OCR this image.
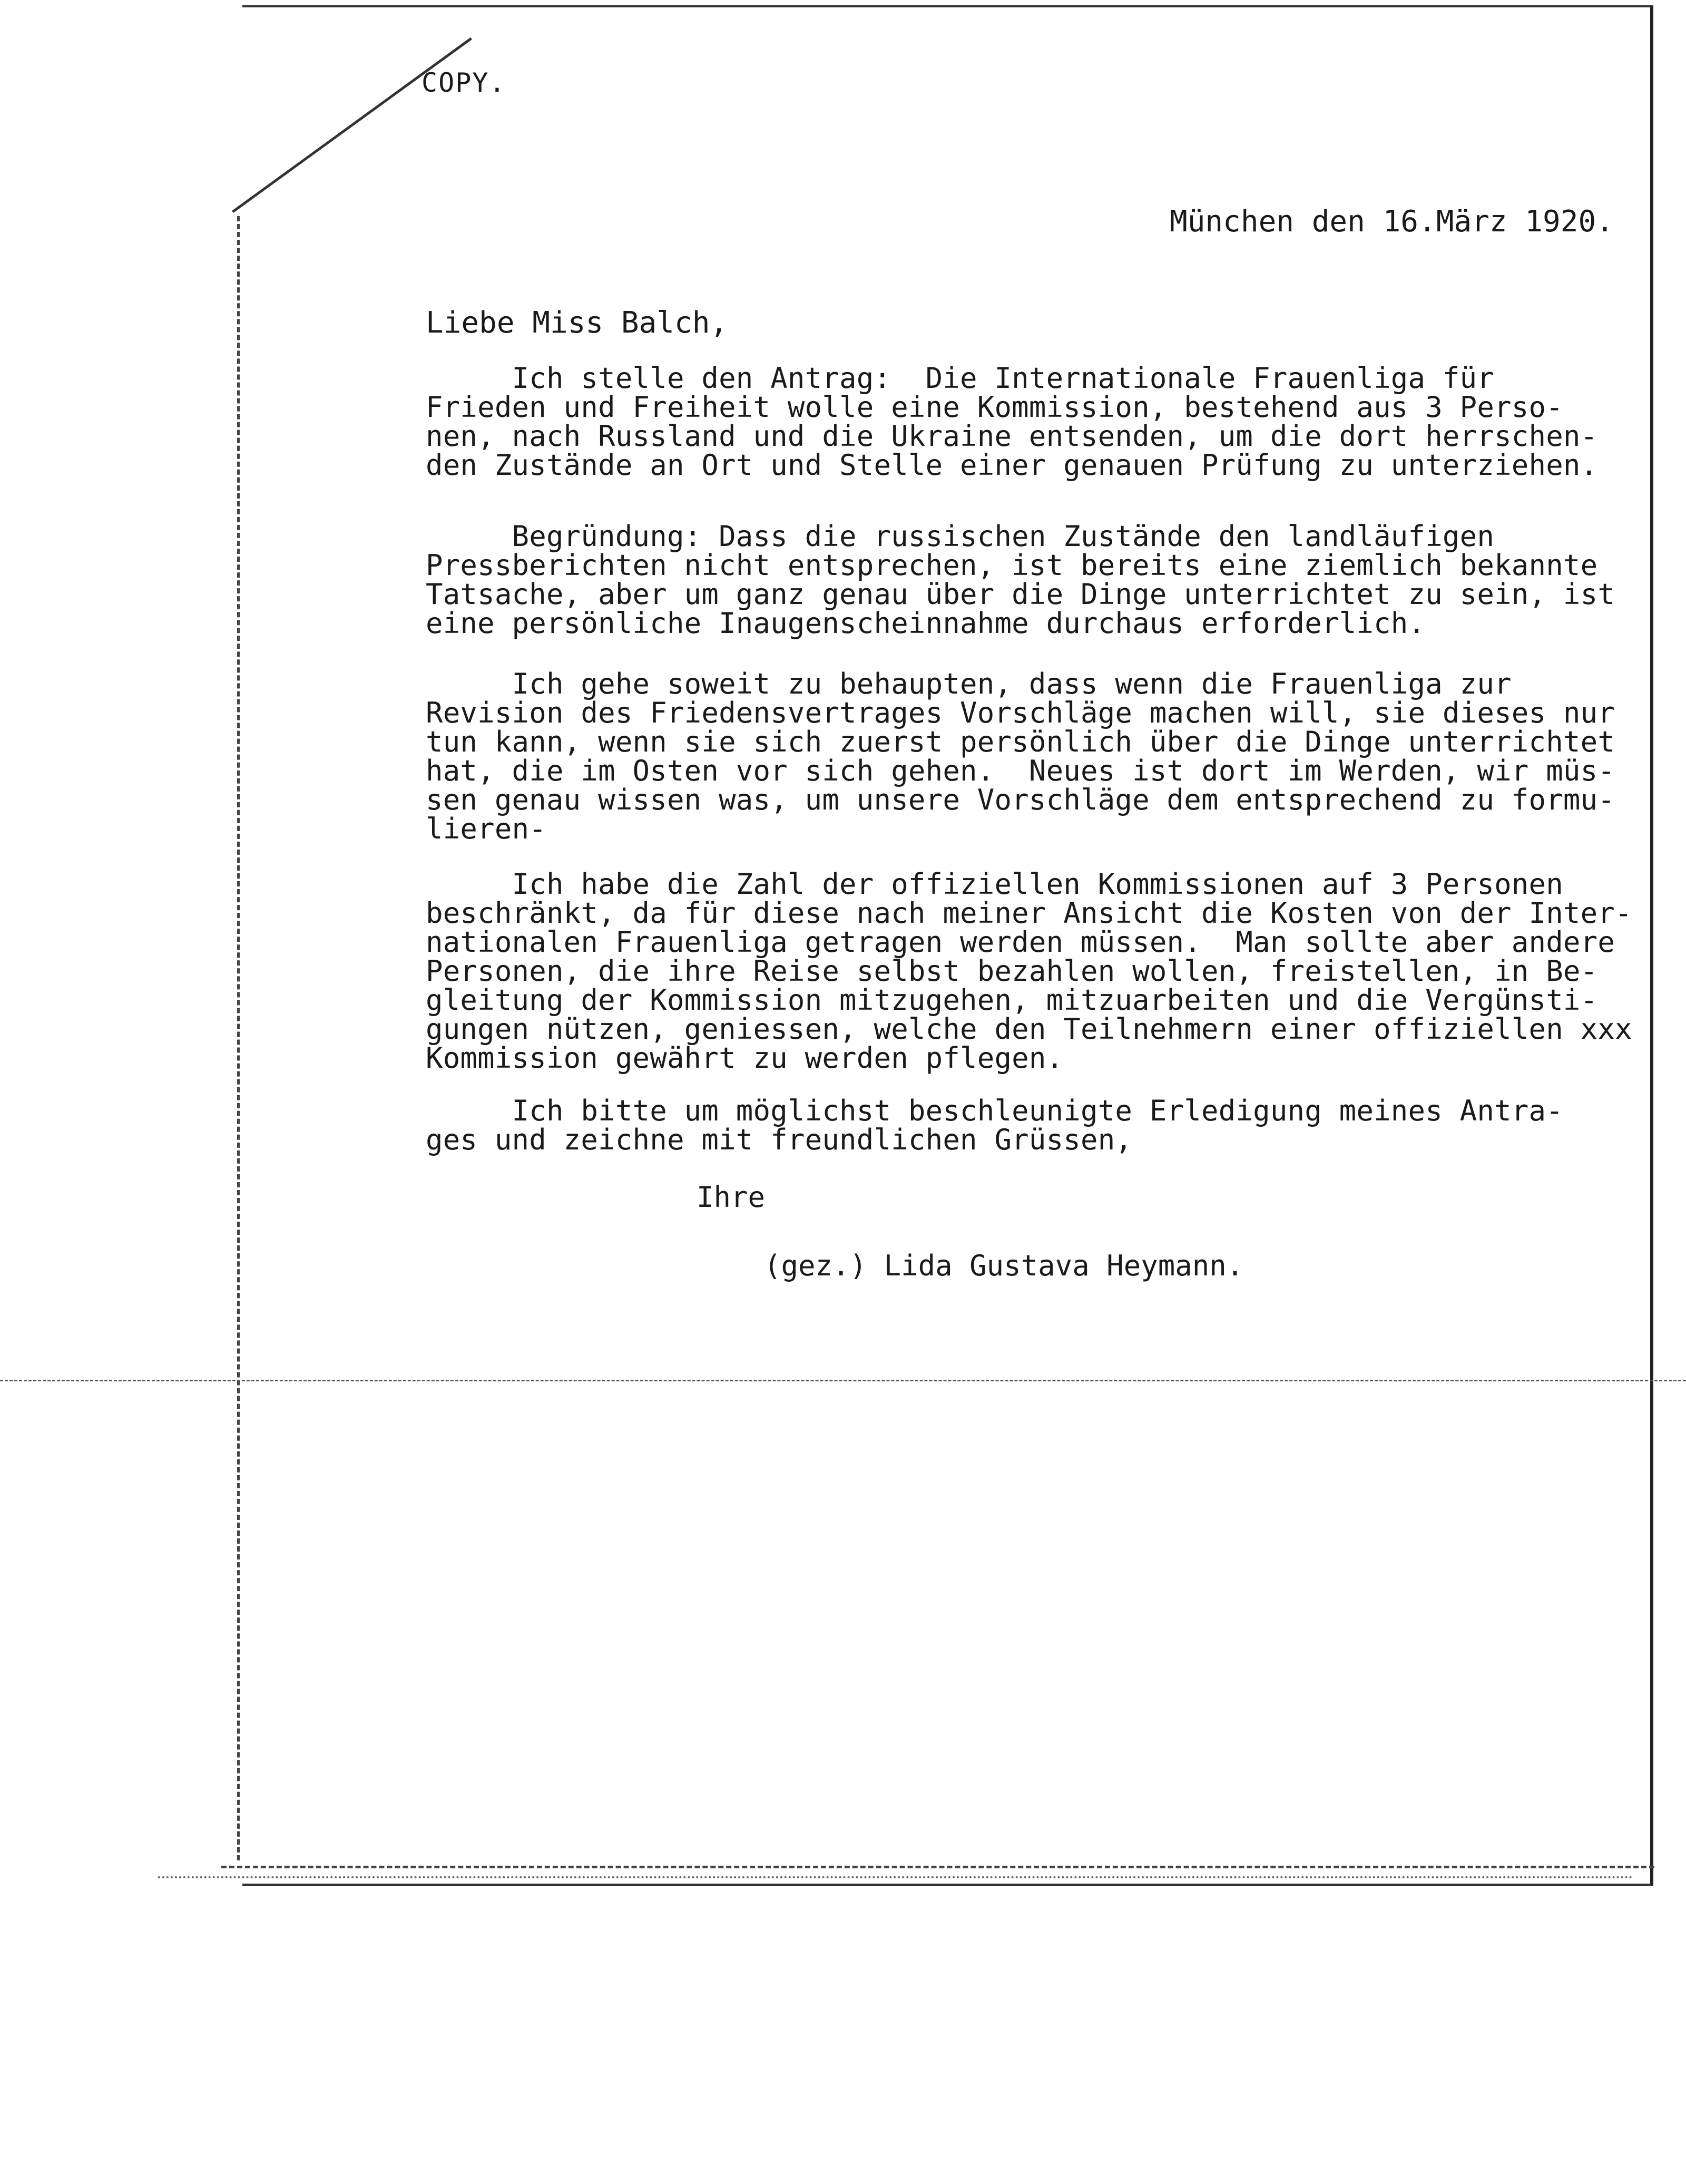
COPY.
München den 16.März 1920.
Liebe Miss Balch,
Ich stelle den Antrag:  Die Internationale Frauenliga für
Frieden und Freiheit wolle eine Kommission, bestehend aus 3 Perso-
nen, nach Russland und die Ukraine entsenden, um die dort herrschen-
den Zustände an Ort und Stelle einer genauen Prüfung zu unterziehen.
Begründung: Dass die russischen Zustände den landläufigen
Pressberichten nicht entsprechen, ist bereits eine ziemlich bekannte
Tatsache, aber um ganz genau über die Dinge unterrichtet zu sein, ist
eine persönliche Inaugenscheinnahme durchaus erforderlich.
Ich gehe soweit zu behaupten, dass wenn die Frauenliga zur
Revision des Friedensvertrages Vorschläge machen will, sie dieses nur
tun kann, wenn sie sich zuerst persönlich über die Dinge unterrichtet
hat, die im Osten vor sich gehen.  Neues ist dort im Werden, wir müs-
sen genau wissen was, um unsere Vorschläge dem entsprechend zu formu-
lieren-
Ich habe die Zahl der offiziellen Kommissionen auf 3 Personen
beschränkt, da für diese nach meiner Ansicht die Kosten von der Inter-
nationalen Frauenliga getragen werden müssen.  Man sollte aber andere
Personen, die ihre Reise selbst bezahlen wollen, freistellen, in Be-
gleitung der Kommission mitzugehen, mitzuarbeiten und die Vergünsti-
gungen nützen, geniessen, welche den Teilnehmern einer offiziellen xxx
Kommission gewährt zu werden pflegen.
Ich bitte um möglichst beschleunigte Erledigung meines Antra-
ges und zeichne mit freundlichen Grüssen,
Ihre
(gez.) Lida Gustava Heymann.
